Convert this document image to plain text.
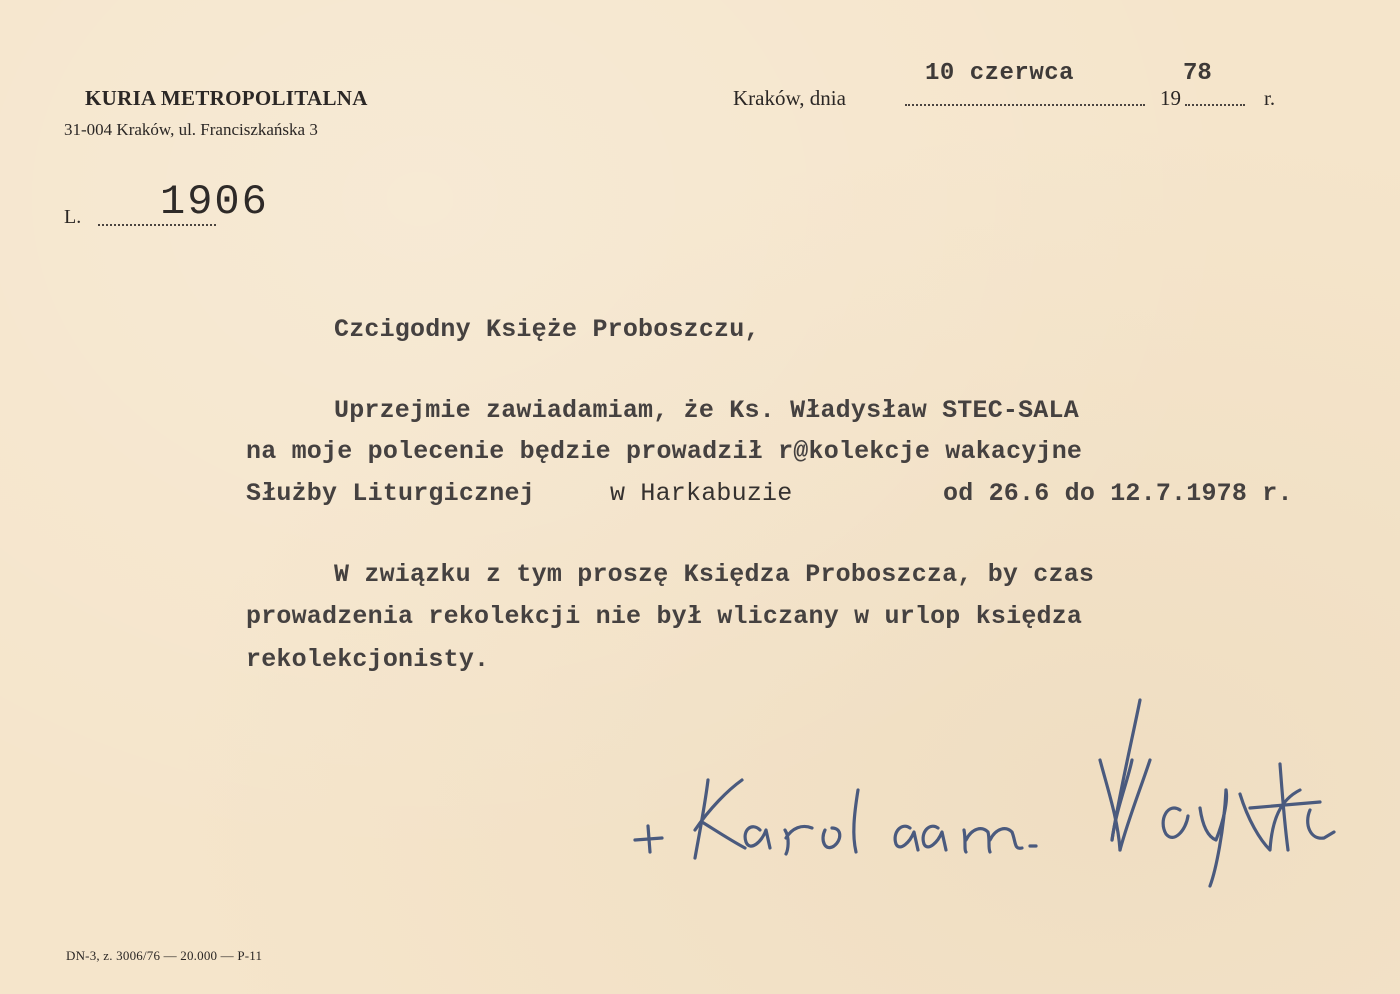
KURIA METROPOLITALNA
31-004 Kraków, ul. Franciszkańska 3
L. 1906
Kraków, dnia
10 czerwca
19
78
r.
Czcigodny Księże Proboszczu,
Uprzejmie zawiadamiam, że Ks. Władysław STEC-SALA
na moje polecenie będzie prowadził r@kolekcje wakacyjne
Służby Liturgicznej	w Harkabuzie	od 26.6 do 12.7.1978 r.
W związku z tym proszę Księdza Proboszcza, by czas
prowadzenia rekolekcji nie był wliczany w urlop księdza
rekolekcjonisty.
DN-3, z. 3006/76 — 20.000 — P-11
